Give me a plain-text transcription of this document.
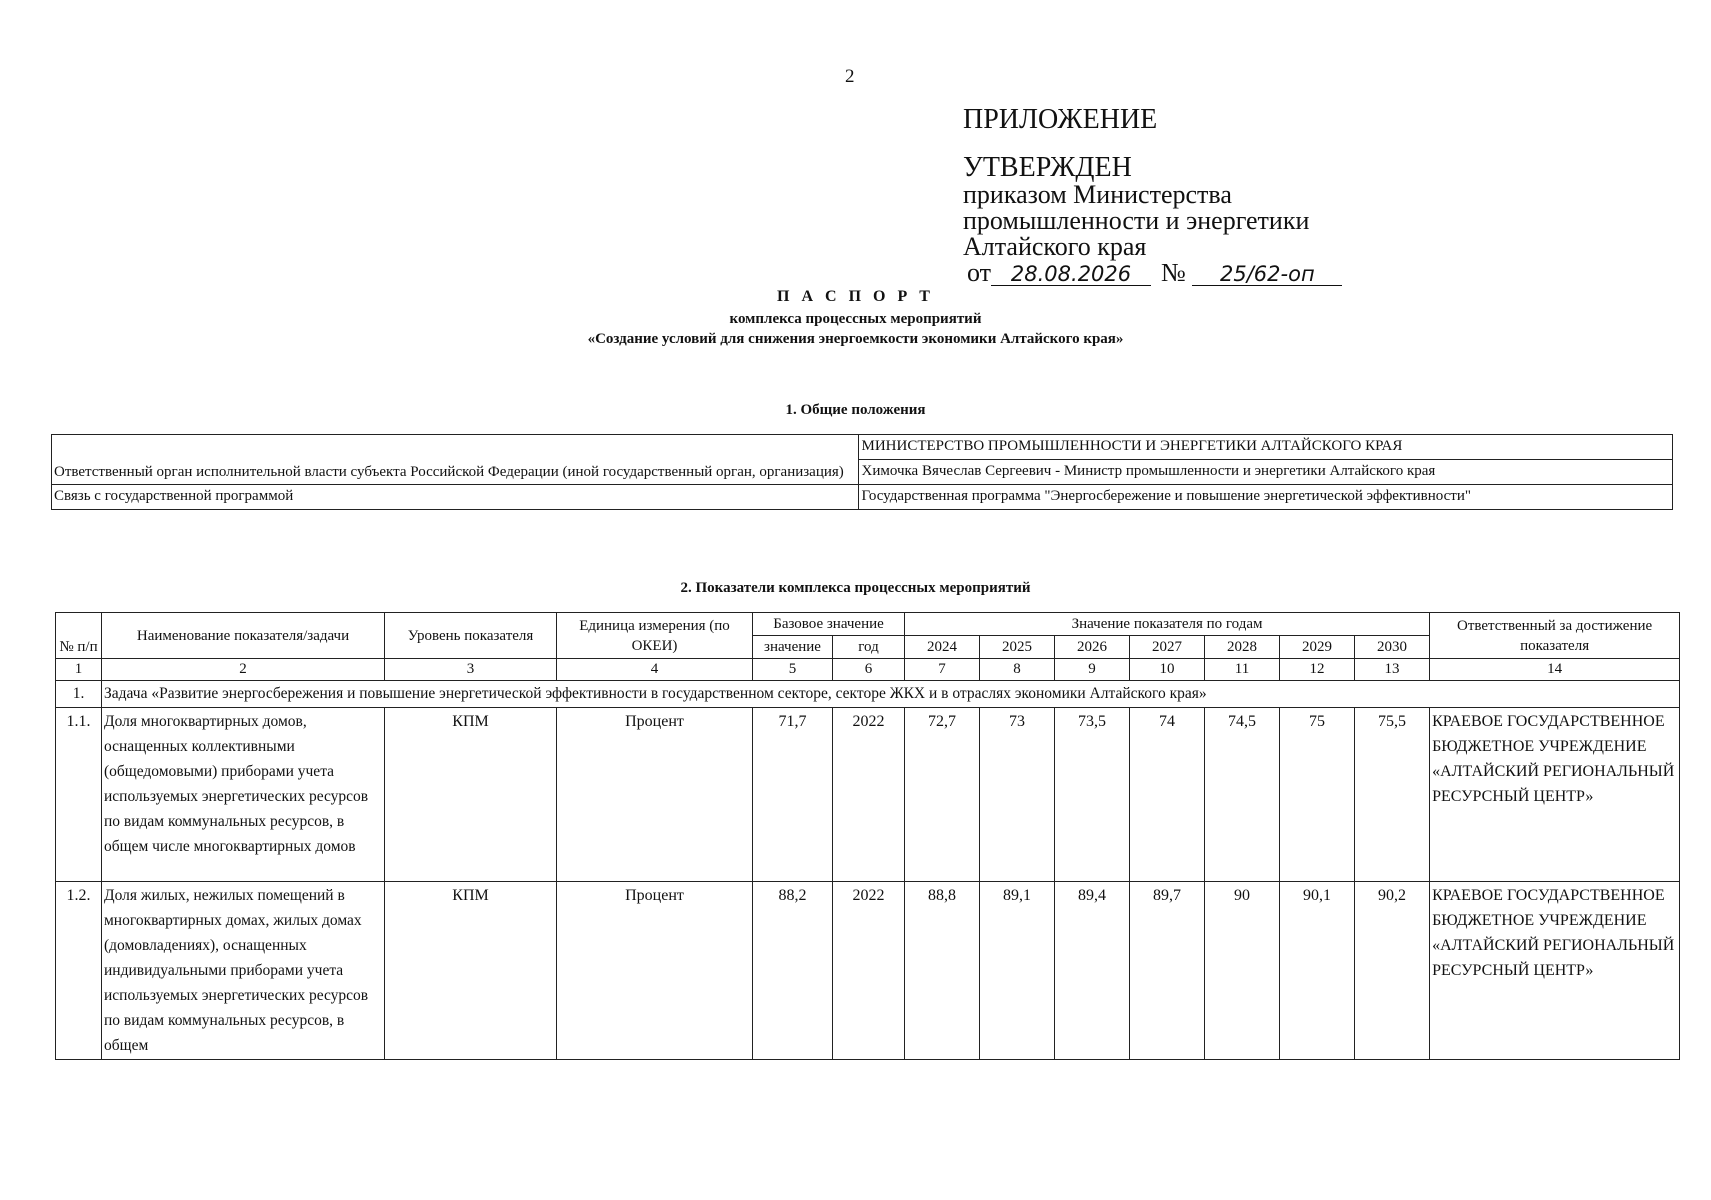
2
ПРИЛОЖЕНИЕ
УТВЕРЖДЕН
приказом Министерства
промышленности и энергетики
Алтайского края
от 28.08.2026 № 25/62-оп
П А С П О Р Т
комплекса процессных мероприятий
«Создание условий для снижения энергоемкости экономики Алтайского края»
1. Общие положения
Ответственный орган исполнительной власти субъекта Российской Федерации (иной государственный орган, организация)	МИНИСТЕРСТВО ПРОМЫШЛЕННОСТИ И ЭНЕРГЕТИКИ АЛТАЙСКОГО КРАЯ
	Химочка Вячеслав Сергеевич - Министр промышленности и энергетики Алтайского края
Связь с государственной программой	Государственная программа "Энергосбережение и повышение энергетической эффективности"
2. Показатели комплекса процессных мероприятий
№ п/п	Наименование показателя/задачи	Уровень показателя	Единица измерения (по ОКЕИ)	Базовое значение		Значение показателя по годам							Ответственный за достижение показателя
				значение	год	2024	2025	2026	2027	2028	2029	2030	
1	2	3	4	5	6	7	8	9	10	11	12	13	14
1.	Задача «Развитие энергосбережения и повышение энергетической эффективности в государственном секторе, секторе ЖКХ и в отраслях экономики Алтайского края»												
1.1.	Доля многоквартирных домов, оснащенных коллективными (общедомовыми) приборами учета используемых энергетических ресурсов по видам коммунальных ресурсов, в общем числе многоквартирных домов	КПМ	Процент	71,7	2022	72,7	73	73,5	74	74,5	75	75,5	КРАЕВОЕ ГОСУДАРСТВЕННОЕ БЮДЖЕТНОЕ УЧРЕЖДЕНИЕ «АЛТАЙСКИЙ РЕГИОНАЛЬНЫЙ РЕСУРСНЫЙ ЦЕНТР»
1.2.	Доля жилых, нежилых помещений в многоквартирных домах, жилых домах (домовладениях), оснащенных индивидуальными приборами учета используемых энергетических ресурсов по видам коммунальных ресурсов, в общем	КПМ	Процент	88,2	2022	88,8	89,1	89,4	89,7	90	90,1	90,2	КРАЕВОЕ ГОСУДАРСТВЕННОЕ БЮДЖЕТНОЕ УЧРЕЖДЕНИЕ «АЛТАЙСКИЙ РЕГИОНАЛЬНЫЙ РЕСУРСНЫЙ ЦЕНТР»
